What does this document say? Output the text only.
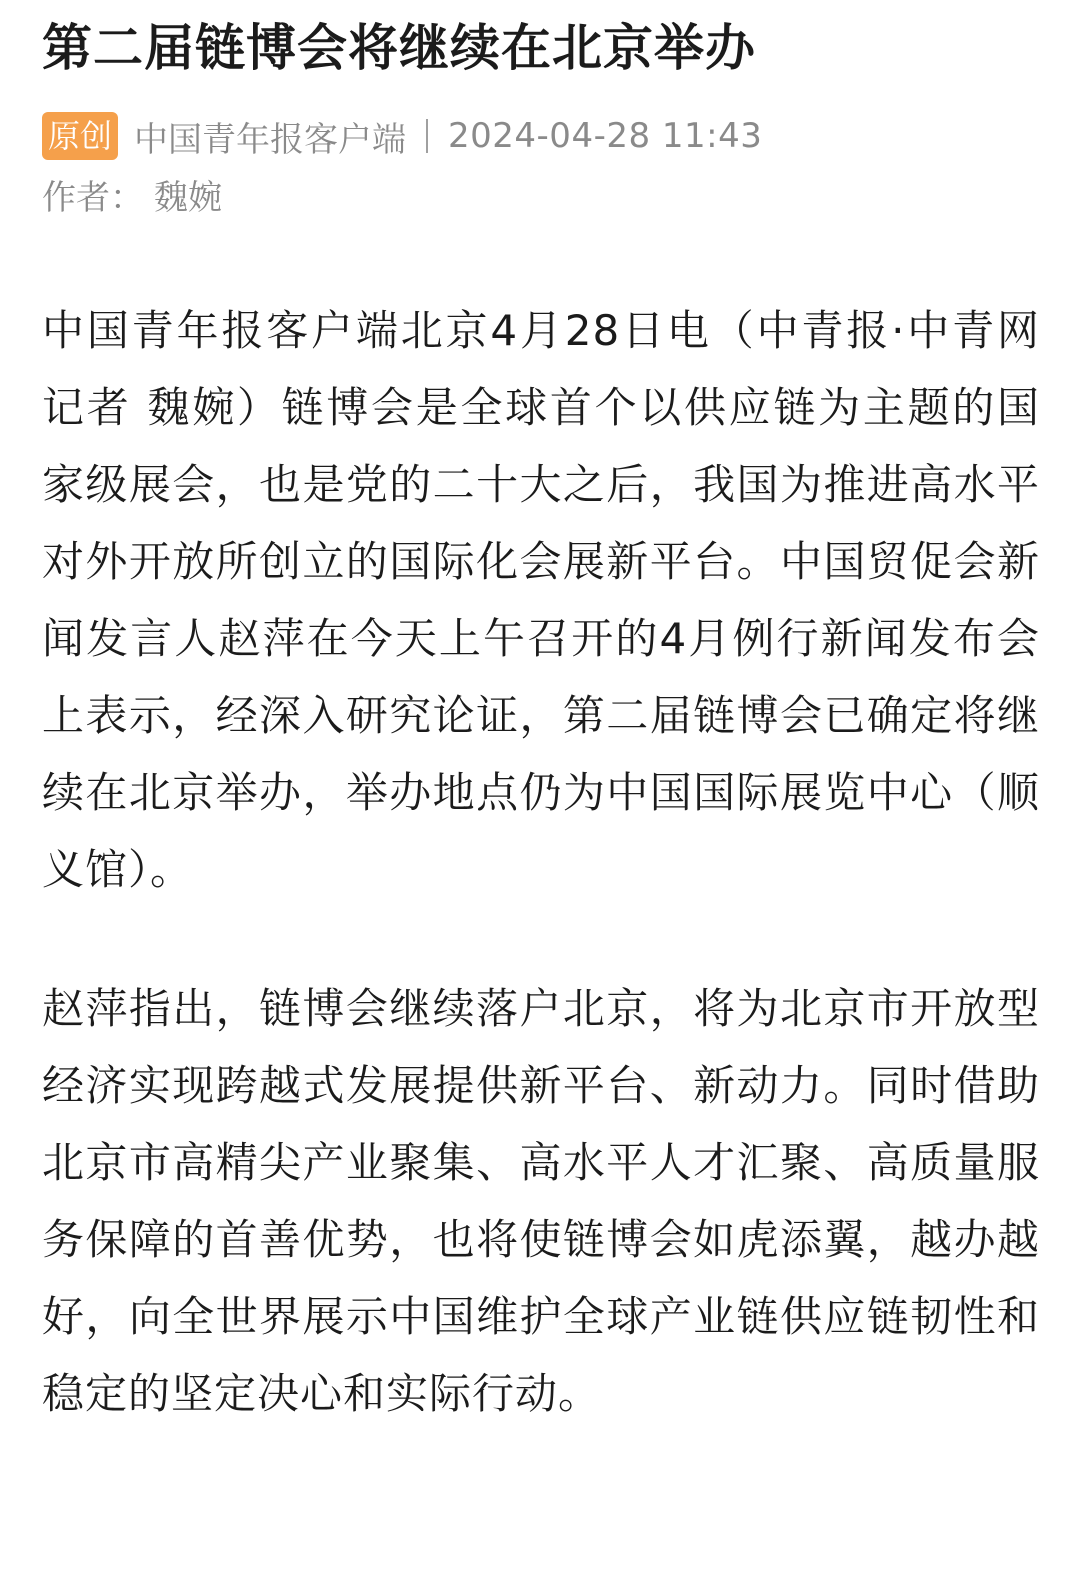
第二届链博会将继续在北京举办
原创 中国青年报客户端 2024-04-28 11:43
作者： 魏婉

中国青年报客户端北京4月28日电（中青报·中青网记者 魏婉）链博会是全球首个以供应链为主题的国家级展会，也是党的二十大之后，我国为推进高水平对外开放所创立的国际化会展新平台。中国贸促会新闻发言人赵萍在今天上午召开的4月例行新闻发布会上表示，经深入研究论证，第二届链博会已确定将继续在北京举办，举办地点仍为中国国际展览中心（顺义馆）。

赵萍指出，链博会继续落户北京，将为北京市开放型经济实现跨越式发展提供新平台、新动力。同时借助北京市高精尖产业聚集、高水平人才汇聚、高质量服务保障的首善优势，也将使链博会如虎添翼，越办越好，向全世界展示中国维护全球产业链供应链韧性和稳定的坚定决心和实际行动。
